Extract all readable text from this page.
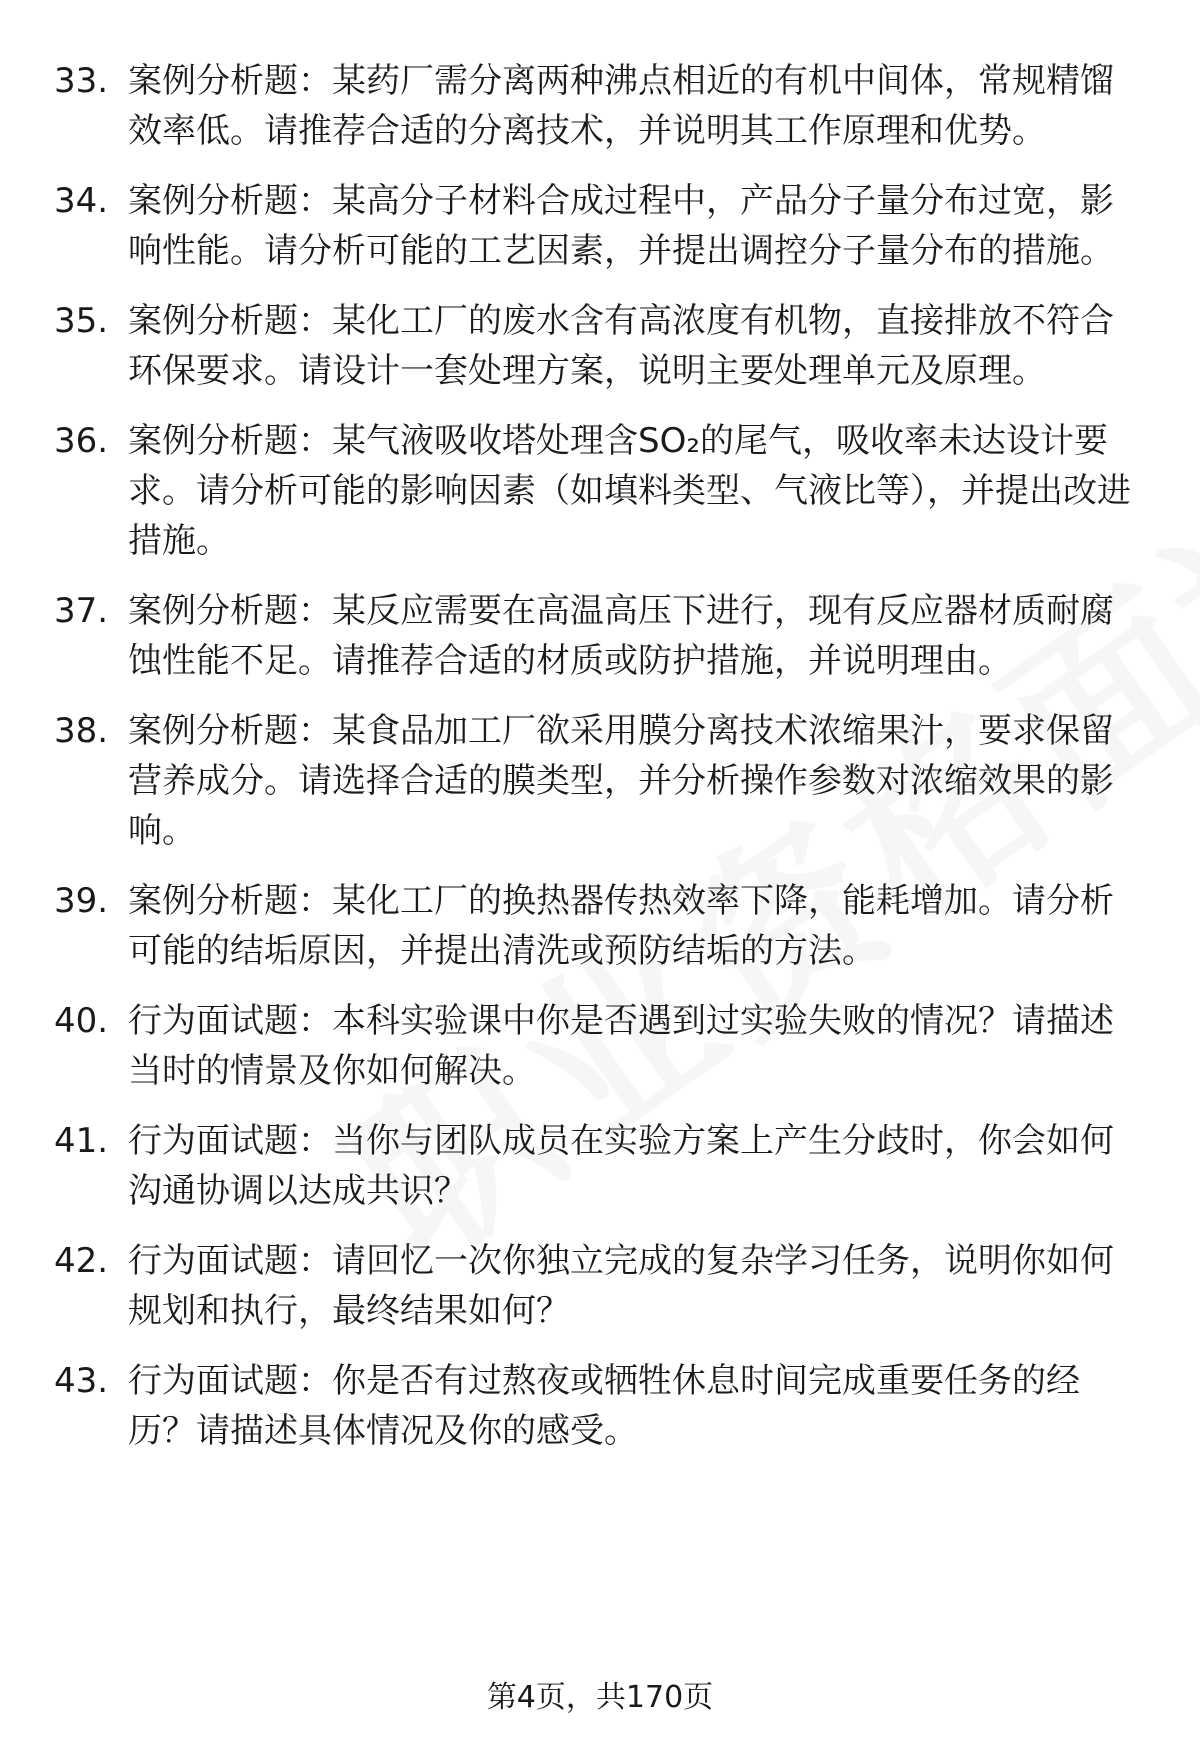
33. 案例分析题：某药厂需分离两种沸点相近的有机中间体，常规精馏效率低。请推荐合适的分离技术，并说明其工作原理和优势。
34. 案例分析题：某高分子材料合成过程中，产品分子量分布过宽，影响性能。请分析可能的工艺因素，并提出调控分子量分布的措施。
35. 案例分析题：某化工厂的废水含有高浓度有机物，直接排放不符合环保要求。请设计一套处理方案，说明主要处理单元及原理。
36. 案例分析题：某气液吸收塔处理含SO₂的尾气，吸收率未达设计要求。请分析可能的影响因素（如填料类型、气液比等），并提出改进措施。
37. 案例分析题：某反应需要在高温高压下进行，现有反应器材质耐腐蚀性能不足。请推荐合适的材质或防护措施，并说明理由。
38. 案例分析题：某食品加工厂欲采用膜分离技术浓缩果汁，要求保留营养成分。请选择合适的膜类型，并分析操作参数对浓缩效果的影响。
39. 案例分析题：某化工厂的换热器传热效率下降，能耗增加。请分析可能的结垢原因，并提出清洗或预防结垢的方法。
40. 行为面试题：本科实验课中你是否遇到过实验失败的情况？请描述当时的情景及你如何解决。
41. 行为面试题：当你与团队成员在实验方案上产生分歧时，你会如何沟通协调以达成共识？
42. 行为面试题：请回忆一次你独立完成的复杂学习任务，说明你如何规划和执行，最终结果如何？
43. 行为面试题：你是否有过熬夜或牺牲休息时间完成重要任务的经历？请描述具体情况及你的感受。
第4页，共170页
